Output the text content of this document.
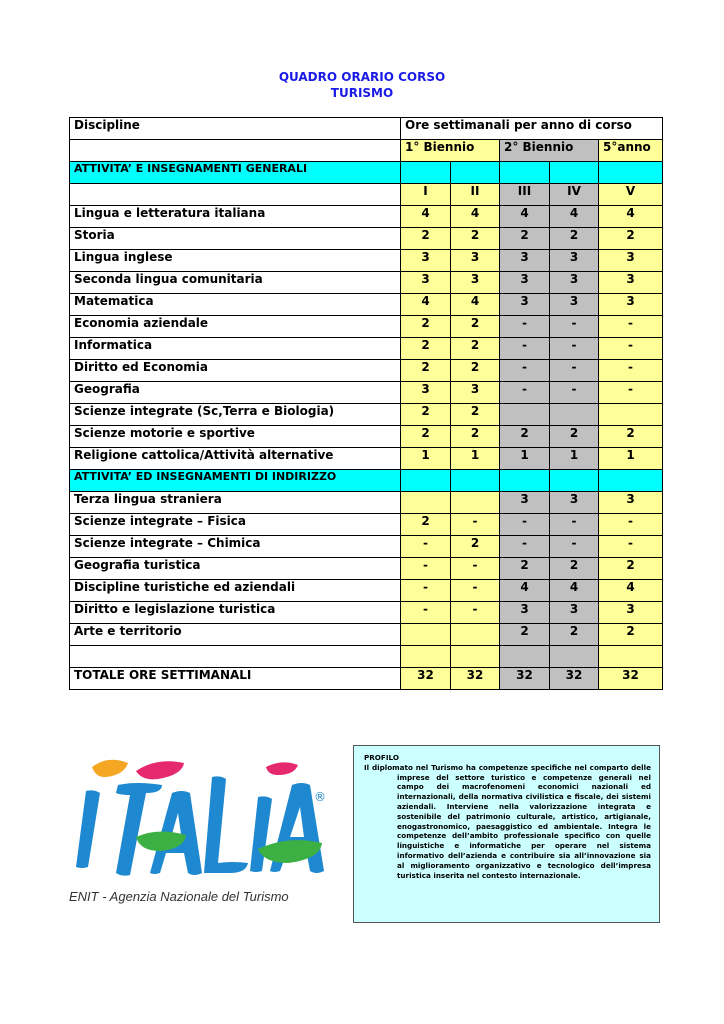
QUADRO ORARIO CORSO
TURISMO
Discipline	Ore settimanali per anno di corso				
	1° Biennio		2° Biennio		5°anno
ATTIVITA’ E INSEGNAMENTI GENERALI					
	I	II	III	IV	V
Lingua e letteratura italiana	4	4	4	4	4
Storia	2	2	2	2	2
Lingua inglese	3	3	3	3	3
Seconda lingua comunitaria	3	3	3	3	3
Matematica	4	4	3	3	3
Economia aziendale	2	2	-	-	-
Informatica	2	2	-	-	-
Diritto ed Economia	2	2	-	-	-
Geografia	3	3	-	-	-
Scienze integrate (Sc,Terra e Biologia)	2	2			
Scienze motorie e sportive	2	2	2	2	2
Religione cattolica/Attività alternative	1	1	1	1	1
ATTIVITA’ ED INSEGNAMENTI DI INDIRIZZO					
Terza lingua straniera			3	3	3
Scienze integrate – Fisica	2	-	-	-	-
Scienze integrate – Chimica	-	2	-	-	-
Geografia turistica	-	-	2	2	2
Discipline turistiche ed aziendali	-	-	4	4	4
Diritto e legislazione turistica	-	-	3	3	3
Arte e territorio			2	2	2

TOTALE ORE SETTIMANALI	32	32	32	32	32
®
ENIT - Agenzia Nazionale del Turismo
PROFILO
Il diplomato nel Turismo ha competenze specifiche nel comparto delle imprese del settore turistico e competenze generali nel campo dei macrofenomeni economici nazionali ed internazionali, della normativa civilistica e fiscale, dei sistemi aziendali. Interviene nella valorizzazione integrata e sostenibile del patrimonio culturale, artistico, artigianale, enogastronomico, paesaggistico ed ambientale. Integra le competenze dell’ambito professionale specifico con quelle linguistiche e informatiche per operare nel sistema informativo dell’azienda e contribuire sia all’innovazione sia al miglioramento organizzativo e tecnologico dell’impresa turistica inserita nel contesto internazionale.
